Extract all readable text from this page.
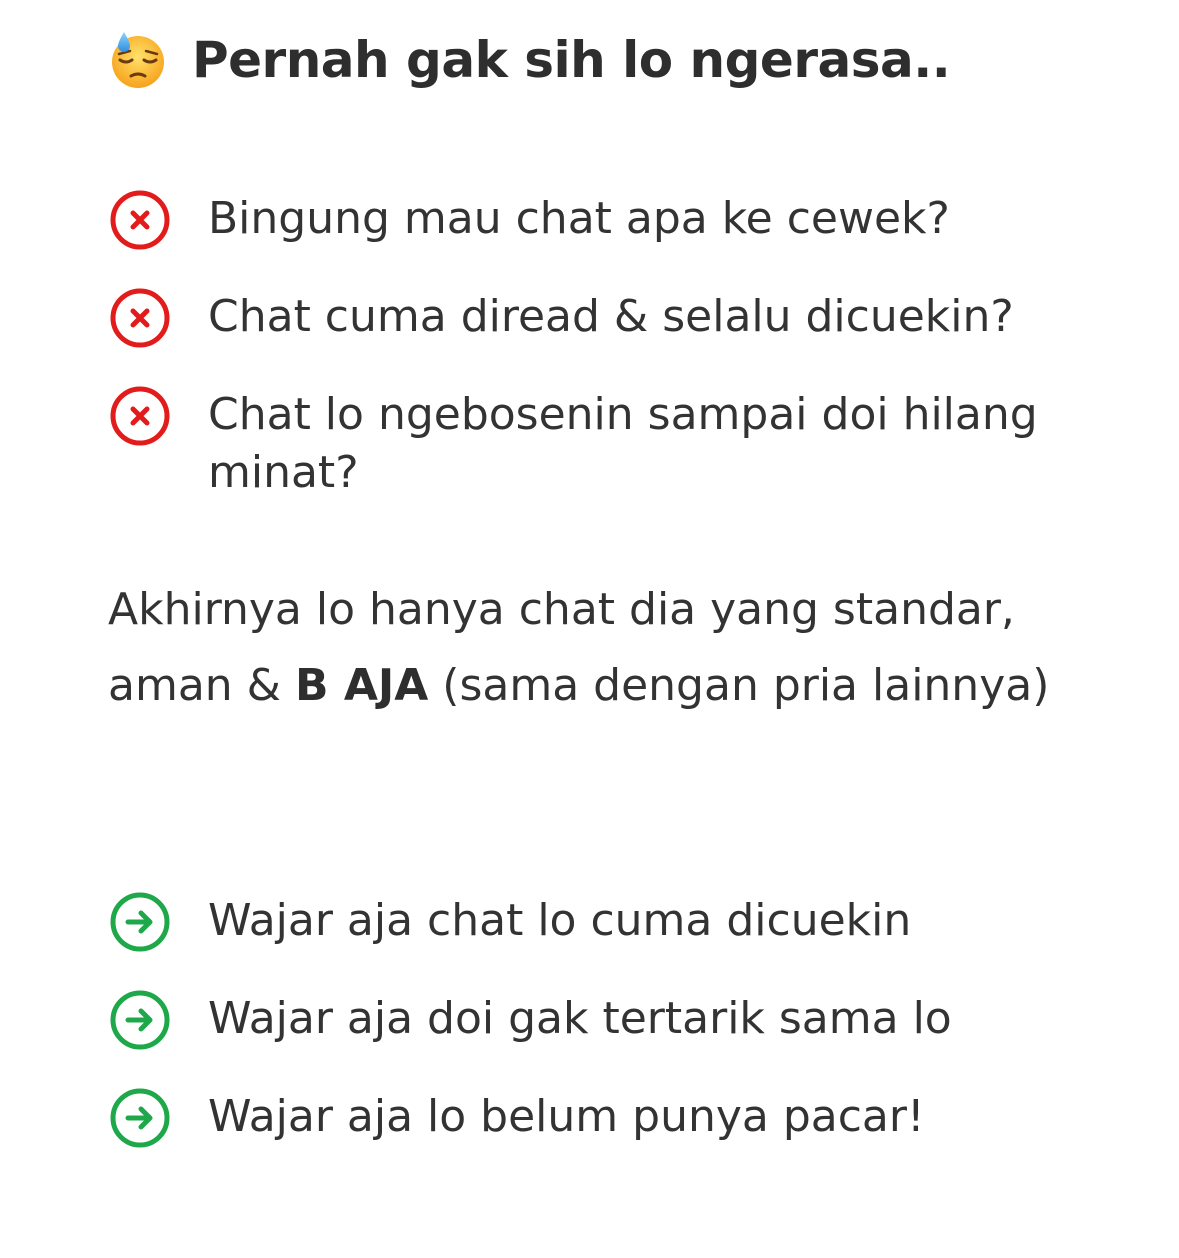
Pernah gak sih lo ngerasa..
Bingung mau chat apa ke cewek?
Chat cuma diread & selalu dicuekin?
Chat lo ngebosenin sampai doi hilang minat?
Akhirnya lo hanya chat dia yang standar, aman & B AJA (sama dengan pria lainnya)
Wajar aja chat lo cuma dicuekin
Wajar aja doi gak tertarik sama lo
Wajar aja lo belum punya pacar!
